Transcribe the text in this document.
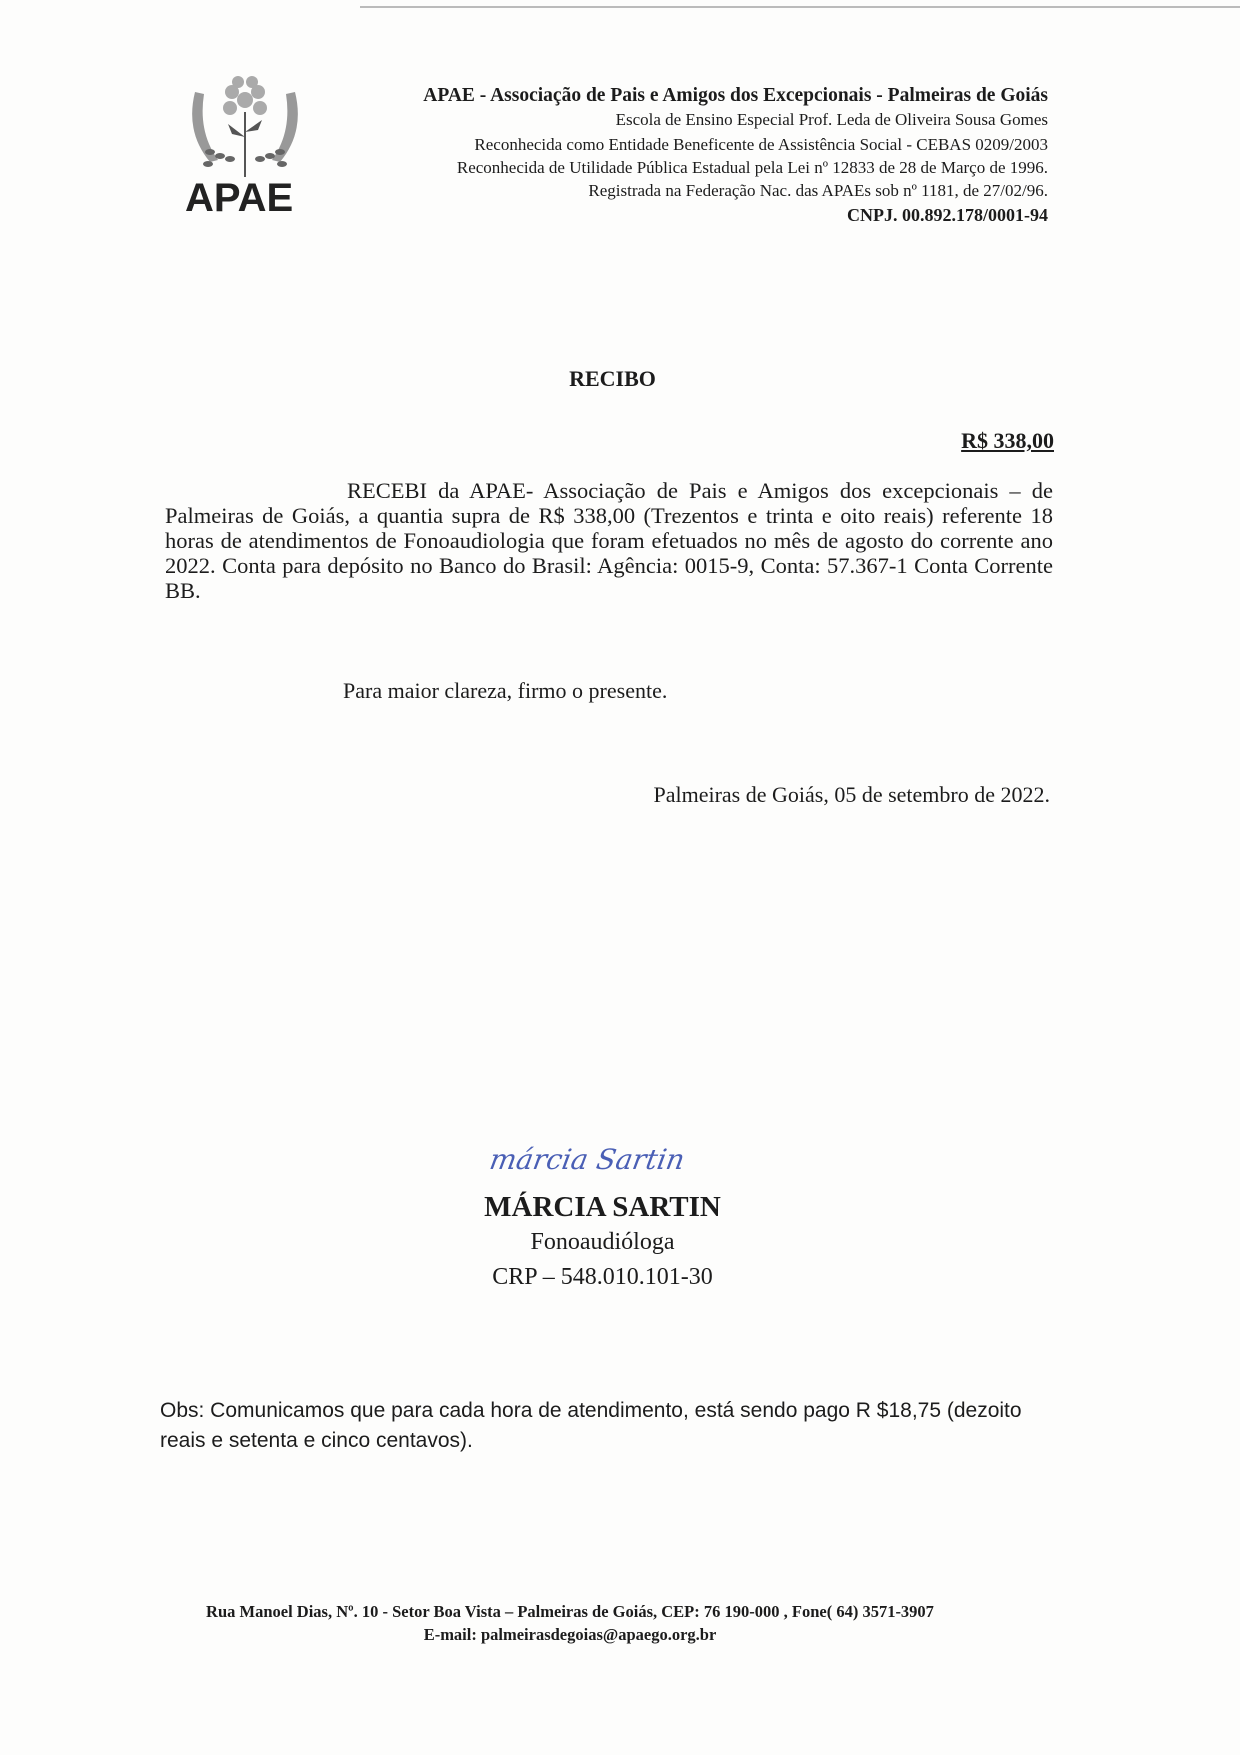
APAE
APAE - Associação de Pais e Amigos dos Excepcionais - Palmeiras de Goiás
Escola de Ensino Especial Prof. Leda de Oliveira Sousa Gomes
Reconhecida como Entidade Beneficente de Assistência Social - CEBAS 0209/2003
Reconhecida de Utilidade Pública Estadual pela Lei nº 12833 de 28 de Março de 1996.
Registrada na Federação Nac. das APAEs sob nº 1181, de 27/02/96.
CNPJ. 00.892.178/0001-94
RECIBO
R$ 338,00

RECEBI da APAE- Associação de Pais e Amigos dos excepcionais – de Palmeiras de Goiás, a quantia supra de R$ 338,00 (Trezentos e trinta e oito reais) referente 18 horas de atendimentos de Fonoaudiologia que foram efetuados no mês de agosto do corrente ano 2022. Conta para depósito no Banco do Brasil: Agência: 0015-9, Conta: 57.367-1 Conta Corrente BB.

Para maior clareza, firmo o presente.
Palmeiras de Goiás, 05 de setembro de 2022.
márcia Sartin
MÁRCIA SARTIN
Fonoaudióloga
CRP – 548.010.101-30
Obs: Comunicamos que para cada hora de atendimento, está sendo pago R $18,75 (dezoito reais e setenta e cinco centavos).
Rua Manoel Dias, Nº. 10 - Setor Boa Vista – Palmeiras de Goiás, CEP: 76 190-000 , Fone( 64) 3571-3907
E-mail: palmeirasdegoias@apaego.org.br
